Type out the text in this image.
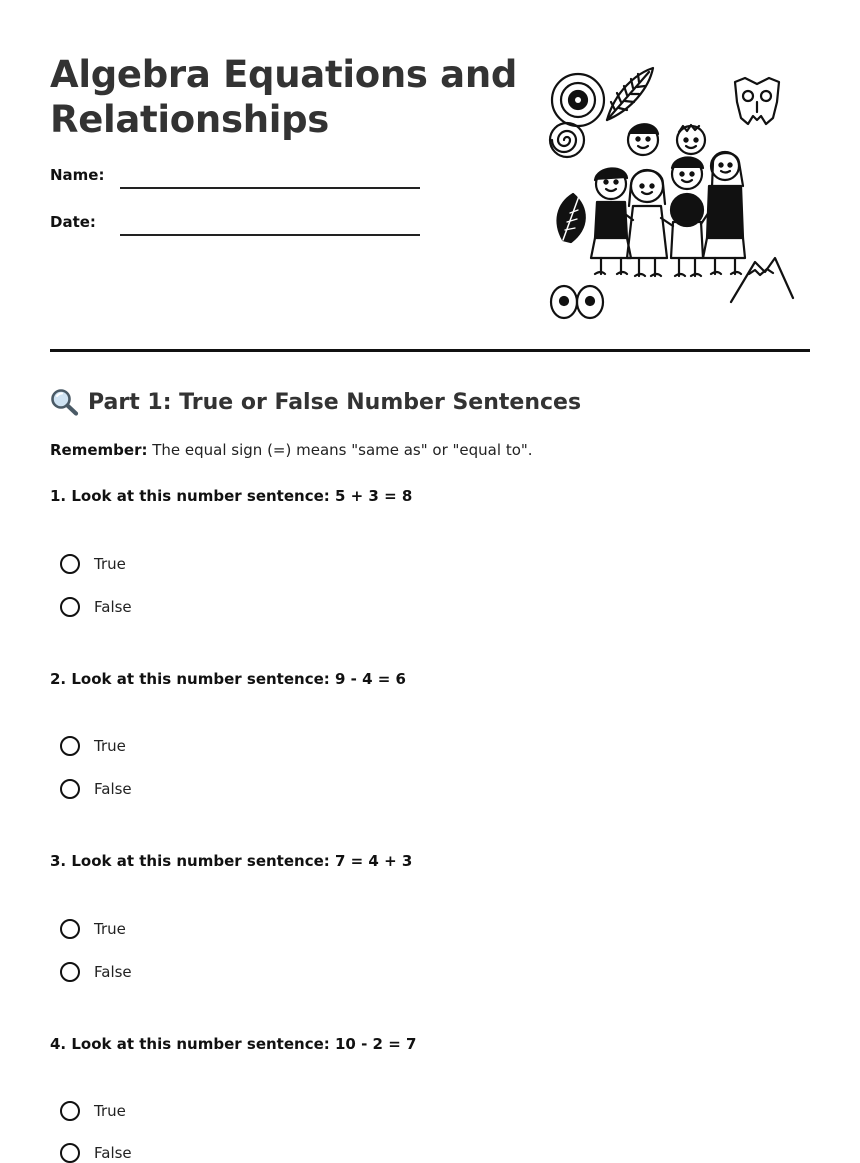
Algebra Equations and Relationships
Name:
Date:
Part 1: True or False Number Sentences
Remember: The equal sign (=) means "same as" or "equal to".
1. Look at this number sentence: 5 + 3 = 8
True
False
2. Look at this number sentence: 9 - 4 = 6
True
False
3. Look at this number sentence: 7 = 4 + 3
True
False
4. Look at this number sentence: 10 - 2 = 7
True
False
